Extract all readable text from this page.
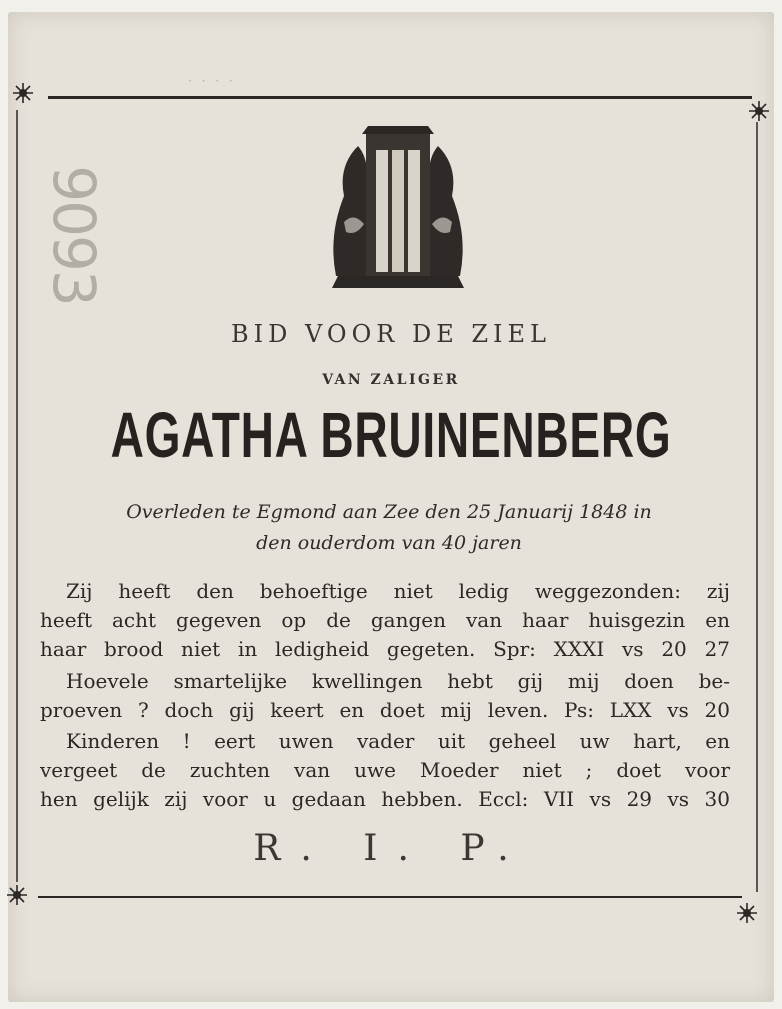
· · · ·
9093
BID VOOR DE ZIEL
VAN ZALIGER
AGATHA BRUINENBERG
Overleden te Egmond aan Zee den 25 Januarij 1848 in
den ouderdom van 40 jaren
Zij heeft den behoeftige niet ledig weggezonden: zij
heeft acht gegeven op de gangen van haar huisgezin en
haar brood niet in ledigheid gegeten. Spr: XXXI vs 20 27
Hoevele smartelijke kwellingen hebt gij mij doen be-
proeven ? doch gij keert en doet mij leven. Ps: LXX vs 20
Kinderen ! eert uwen vader uit geheel uw hart, en
vergeet de zuchten van uwe Moeder niet ; doet voor
hen gelijk zij voor u gedaan hebben. Eccl: VII vs 29 vs 30
R. I. P.
